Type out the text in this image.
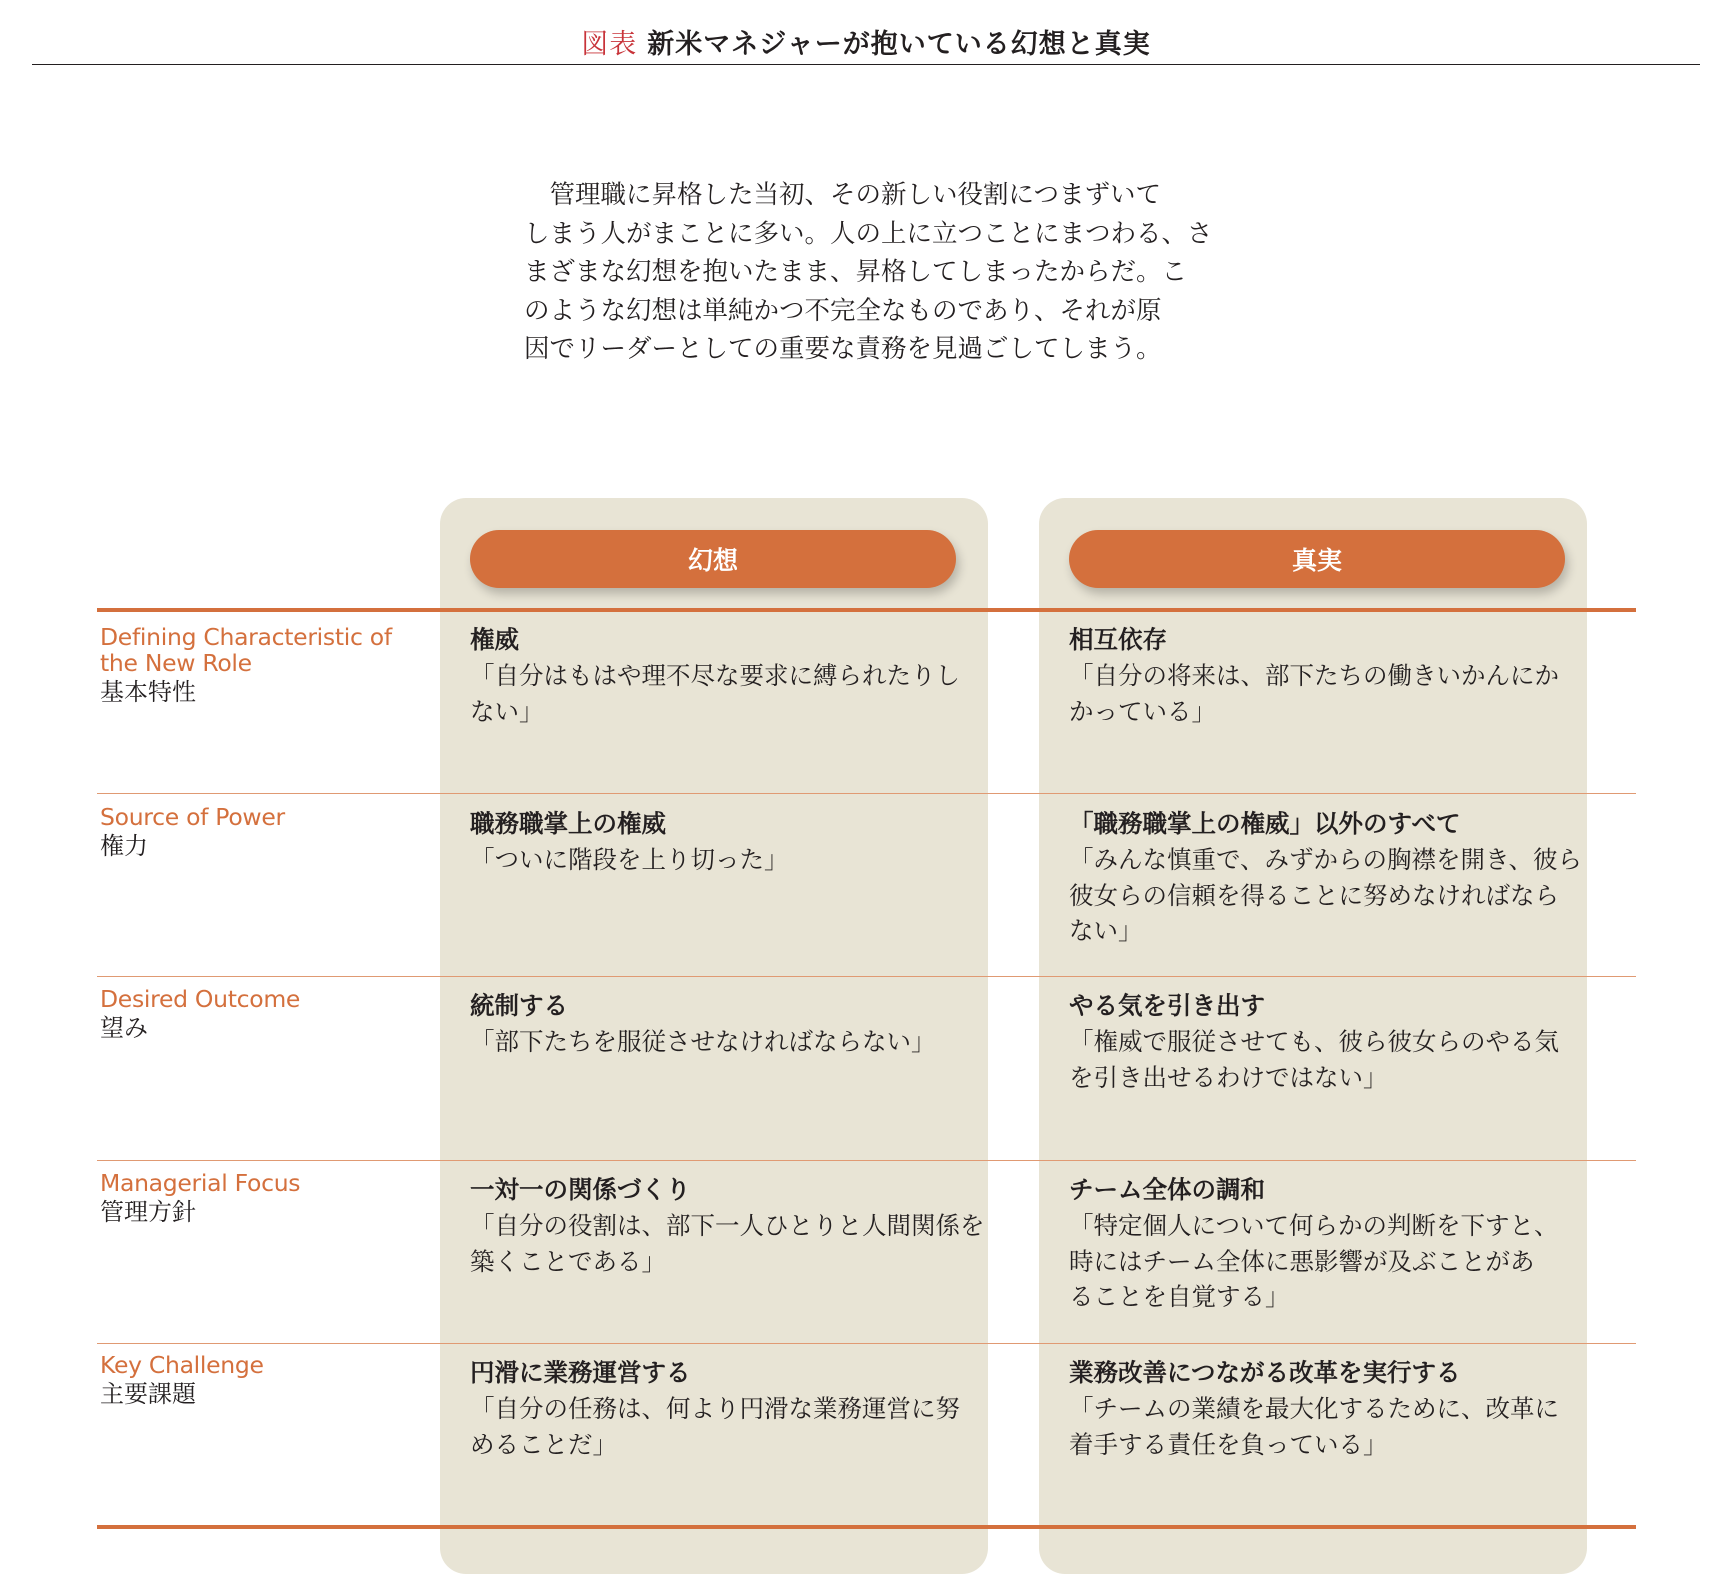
図表 新米マネジャーが抱いている幻想と真実
　管理職に昇格した当初、その新しい役割につまずいて
しまう人がまことに多い。人の上に立つことにまつわる、さ
まざまな幻想を抱いたまま、昇格してしまったからだ。こ
のような幻想は単純かつ不完全なものであり、それが原
因でリーダーとしての重要な責務を見過ごしてしまう。
幻想	真実
Defining Characteristic of
the New Role
基本特性
権威
「自分はもはや理不尽な要求に縛られたりし
ない」
相互依存
「自分の将来は、部下たちの働きいかんにか
かっている」
Source of Power
権力
職務職掌上の権威
「ついに階段を上り切った」
「職務職掌上の権威」以外のすべて
「みんな慎重で、みずからの胸襟を開き、彼ら
彼女らの信頼を得ることに努めなければなら
ない」
Desired Outcome
望み
統制する
「部下たちを服従させなければならない」
やる気を引き出す
「権威で服従させても、彼ら彼女らのやる気
を引き出せるわけではない」
Managerial Focus
管理方針
一対一の関係づくり
「自分の役割は、部下一人ひとりと人間関係を
築くことである」
チーム全体の調和
「特定個人について何らかの判断を下すと、
時にはチーム全体に悪影響が及ぶことがあ
ることを自覚する」
Key Challenge
主要課題
円滑に業務運営する
「自分の任務は、何より円滑な業務運営に努
めることだ」
業務改善につながる改革を実行する
「チームの業績を最大化するために、改革に
着手する責任を負っている」
